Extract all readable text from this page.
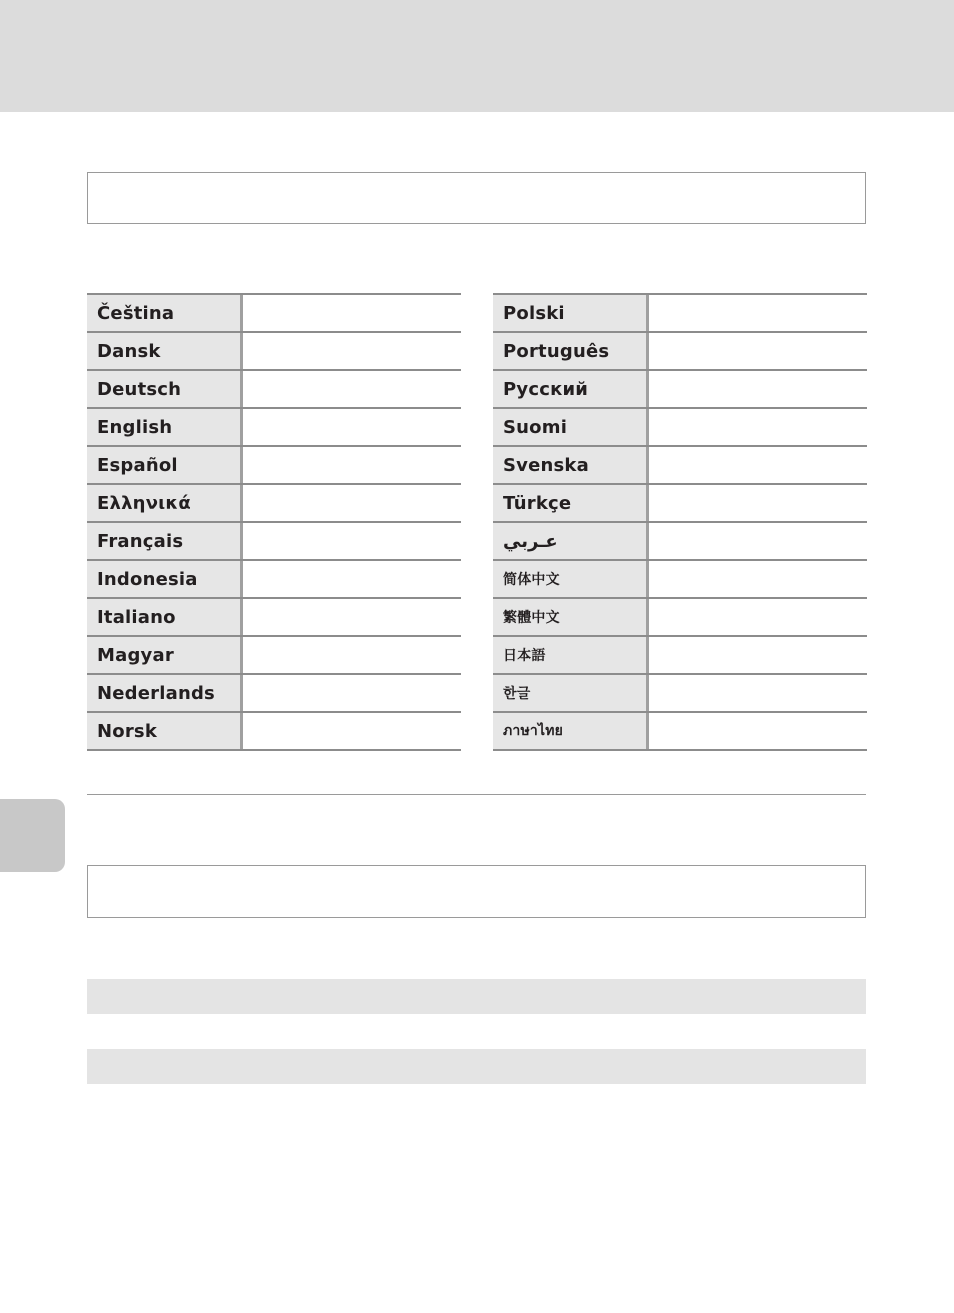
Čeština
Dansk
Deutsch
English
Español
Ελληνικά
Français
Indonesia
Italiano
Magyar
Nederlands
Norsk
Polski
Português
Русский
Suomi
Svenska
Türkçe
عـربي
简体中文
繁體中文
日本語
한글
ภาษาไทย
